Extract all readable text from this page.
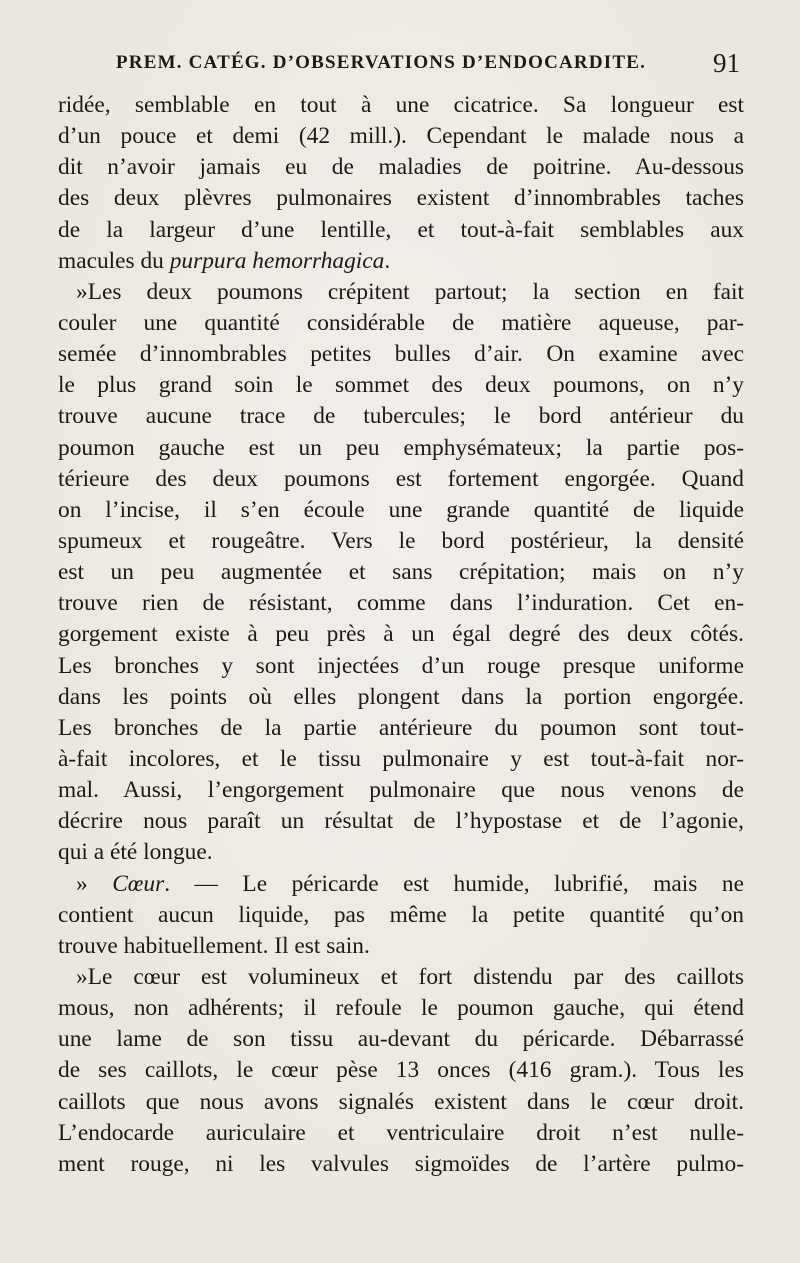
PREM. CATÉG. D’OBSERVATIONS D’ENDOCARDITE. 91
ridée, semblable en tout à une cicatrice. Sa longueur est
d’un pouce et demi (42 mill.). Cependant le malade nous a
dit n’avoir jamais eu de maladies de poitrine. Au-dessous
des deux plèvres pulmonaires existent d’innombrables taches
de la largeur d’une lentille, et tout-à-fait semblables aux
macules du purpura hemorrhagica.
»Les deux poumons crépitent partout; la section en fait
couler une quantité considérable de matière aqueuse, par-
semée d’innombrables petites bulles d’air. On examine avec
le plus grand soin le sommet des deux poumons, on n’y
trouve aucune trace de tubercules; le bord antérieur du
poumon gauche est un peu emphysémateux; la partie pos-
térieure des deux poumons est fortement engorgée. Quand
on l’incise, il s’en écoule une grande quantité de liquide
spumeux et rougeâtre. Vers le bord postérieur, la densité
est un peu augmentée et sans crépitation; mais on n’y
trouve rien de résistant, comme dans l’induration. Cet en-
gorgement existe à peu près à un égal degré des deux côtés.
Les bronches y sont injectées d’un rouge presque uniforme
dans les points où elles plongent dans la portion engorgée.
Les bronches de la partie antérieure du poumon sont tout-
à-fait incolores, et le tissu pulmonaire y est tout-à-fait nor-
mal. Aussi, l’engorgement pulmonaire que nous venons de
décrire nous paraît un résultat de l’hypostase et de l’agonie,
qui a été longue.
» Cœur. — Le péricarde est humide, lubrifié, mais ne
contient aucun liquide, pas même la petite quantité qu’on
trouve habituellement. Il est sain.
»Le cœur est volumineux et fort distendu par des caillots
mous, non adhérents; il refoule le poumon gauche, qui étend
une lame de son tissu au-devant du péricarde. Débarrassé
de ses caillots, le cœur pèse 13 onces (416 gram.). Tous les
caillots que nous avons signalés existent dans le cœur droit.
L’endocarde auriculaire et ventriculaire droit n’est nulle-
ment rouge, ni les valvules sigmoïdes de l’artère pulmo-
